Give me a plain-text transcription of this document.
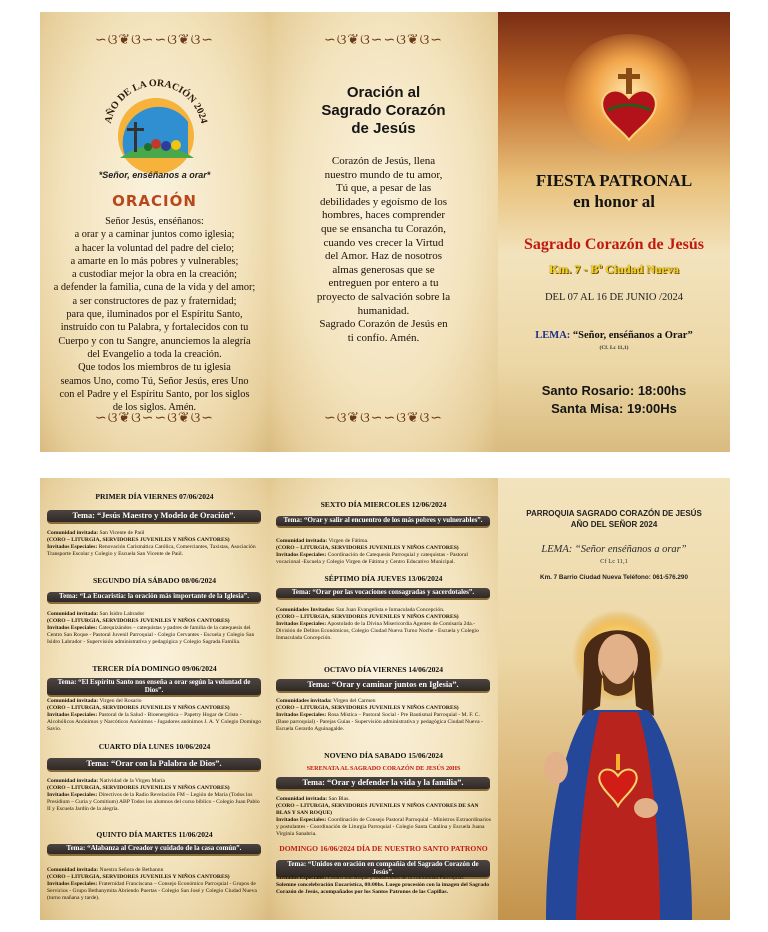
∽ଓ❦ଓ∽∽ଓ❦ଓ∽
AÑO DE LA ORACIÓN 2024
*Señor, enséñanos a orar*
ORACIÓN
Señor Jesús, enséñanos:
a orar y a caminar juntos como iglesia;
a hacer la voluntad del padre del cielo;
a amarte en lo más pobres y vulnerables;
a custodiar mejor la obra en la creación;
a defender la familia, cuna de la vida y del amor;
a ser constructores de paz y fraternidad;
para que, iluminados por el Espíritu Santo,
instruido con tu Palabra, y fortalecidos con tu
Cuerpo y con tu Sangre, anunciemos la alegría
del Evangelio a toda la creación.
Que todos los miembros de tu iglesia
seamos Uno, como Tú, Señor Jesús, eres Uno
con el Padre y el Espíritu Santo, por los siglos
de los siglos. Amén.
∽ଓ❦ଓ∽∽ଓ❦ଓ∽
∽ଓ❦ଓ∽∽ଓ❦ଓ∽
Oración al
Sagrado Corazón
de Jesús
Corazón de Jesús, llena
nuestro mundo de tu amor,
Tú que, a pesar de las
debilidades y egoísmo de los
hombres, haces comprender
que se ensancha tu Corazón,
cuando ves crecer la Virtud
del Amor. Haz de nosotros
almas generosas que se
entreguen por entero a tu
proyecto de salvación sobre la
humanidad.
Sagrado Corazón de Jesús en
ti confío. Amén.
∽ଓ❦ଓ∽∽ଓ❦ଓ∽
FIESTA PATRONAL
en honor al
Sagrado Corazón de Jesús
Km. 7 - Bº Ciudad Nueva
DEL 07 AL 16 DE JUNIO /2024
LEMA: “Señor, enséñanos a Orar”
(Cf. Lc 11,1)
Santo Rosario: 18:00hs
Santa Misa: 19:00Hs
PRIMER DÍA VIERNES 07/06/2024
Tema: “Jesús Maestro y Modelo de Oración”.
Comunidad invitada: San Vicente de Paúl
(CORO – LITURGIA, SERVIDORES JUVENILES Y NIÑOS CANTORES)
Invitados Especiales: Renovación Carismática Católica, Comerciantes, Taxistas, Asociación Transporte Escolar y Colegio y Escuela San Vicente de Paúl.
SEGUNDO DÍA SÁBADO 08/06/2024
Tema: “La Eucaristía: la oración más importante de la Iglesia”.
Comunidad invitada: San Isidro Labrador
(CORO – LITURGIA, SERVIDORES JUVENILES Y NIÑOS CANTORES)
Invitados Especiales: Catequizándos – catequistas y padres de familia de la catequesis del Centro San Roque - Pastoral Juvenil Parroquial - Colegio Cervantes - Escuela y Colegio San Isidro Labrador - Supervisión administrativa y pedagógica y Colegio Sagrada Familia.
TERCER DÍA DOMINGO 09/06/2024
Tema: “El Espíritu Santo nos enseña a orar según la voluntad de Dios”.
Comunidad invitada: Virgen del Rosario
(CORO – LITURGIA, SERVIDORES JUVENILES Y NIÑOS CANTORES)
Invitados Especiales: Pastoral de la Salud - Bioenergética – Papetry Hogar de Cristo - Alcohólicos Anónimos y Narcóticos Anónimos - Jugadores anónimos J. A. Y Colegio Domingo Savio.
CUARTO DÍA LUNES 10/06/2024
Tema: “Orar con la Palabra de Dios”.
Comunidad invitada: Natividad de la Virgen María
(CORO – LITURGIA, SERVIDORES JUVENILES Y NIÑOS CANTORES)
Invitados Especiales: Directivos de la Radio Revelación FM – Legión de María (Todos los Presidium – Curia y Comitium) ABP Todos los alumnos del curso bíblico - Colegio Juan Pablo II y Escuela Jardín de la alegría.
QUINTO DÍA MARTES 11/06/2024
Tema: “Alabanza al Creador y cuidado de la casa común”.
Comunidad invitada: Nuestra Señora de Bethannn
(CORO – LITURGIA, SERVIDORES JUVENILES Y NIÑOS CANTORES)
Invitados Especiales: Fraternidad Franciscana – Consejo Económico Parroquial - Grupos de Servicios - Grupo Bethanymita Abriendo Puertas - Colegio San José y Colegio Ciudad Nueva (turno mañana y tarde).
SEXTO DÍA MIERCOLES 12/06/2024
Tema: “Orar y salir al encuentro de los más pobres y vulnerables”.
Comunidad invitada: Virgen de Fátima.
(CORO – LITURGIA, SERVIDORES JUVENILES Y NIÑOS CANTORES)
Invitados Especiales: Coordinación de Catequesis Parroquial y catequistas - Pastoral vocacional -Escuela y Colegio Virgen de Fátima y Centro Educativo Municipal.
SÉPTIMO DÍA JUEVES 13/06/2024
Tema: “Orar por las vocaciones consagradas y sacerdotales”.
Comunidades Invitadas: San Juan Evangelista e Inmaculada Concepción.
(CORO – LITURGIA, SERVIDORES JUVENILES Y NIÑOS CANTORES)
Invitados Especiales: Apostolado de la Divina Misericordia Agentes de Comisaría 2da.- División de Delitos Económicos, Colegio Ciudad Nueva Turno Noche - Escuela y Colegio Inmaculada Concepción.
OCTAVO DÍA VIERNES 14/06/2024
Tema: “Orar y caminar juntos en Iglesia”.
Comunidades invitada: Virgen del Carmen
(CORO – LITURGIA, SERVIDORES JUVENILES Y NIÑOS CANTORES)
Invitados Especiales: Rosa Mística – Pastoral Social - Pre Bautismal Parroquial - M. F. C. (Base parroquial) - Parejas Guías - Supervisión administrativa y pedagógica Ciudad Nueva - Escuela Gerardo Aguinagalde.
NOVENO DÍA SABADO 15/06/2024
SERENATA AL SAGRADO CORAZÓN DE JESÚS 20HS
Tema: “Orar y defender la vida y la familia”.
Comunidad invitada: San Blas.
(CORO – LITURGIA, SERVIDORES JUVENILES Y NIÑOS CANTORES DE SAN BLAS Y SAN ROQUE)
Invitados Especiales: Coordinación de Consejo Pastoral Parroquial - Ministros Extraordinarios y postulantes - Coordinación de Liturgia Parroquial - Colegio Santa Catalina y Escuela Juana Virginia Sanabria.
DOMINGO 16/06/2024 DÍA DE NUESTRO SANTO PATRONO
Tema: “Unidos en oración en compañía del Sagrado Corazón de Jesús”.
Invitados Especiales: Centro San Roque y todos fieles de la comunidad Parroquial.
Solemne concelebración Eucarística, 08:00hs. Luego procesión con la imagen del Sagrado Corazón de Jesús, acompañados por los Santos Patronos de las Capillas.
PARROQUIA SAGRADO CORAZÓN DE JESÚS
AÑO DEL SEÑOR 2024
LEMA: “Señor enséñanos a orar”
Cf Lc 11,1
Km. 7 Barrio Ciudad Nueva Teléfono: 061-576.290
